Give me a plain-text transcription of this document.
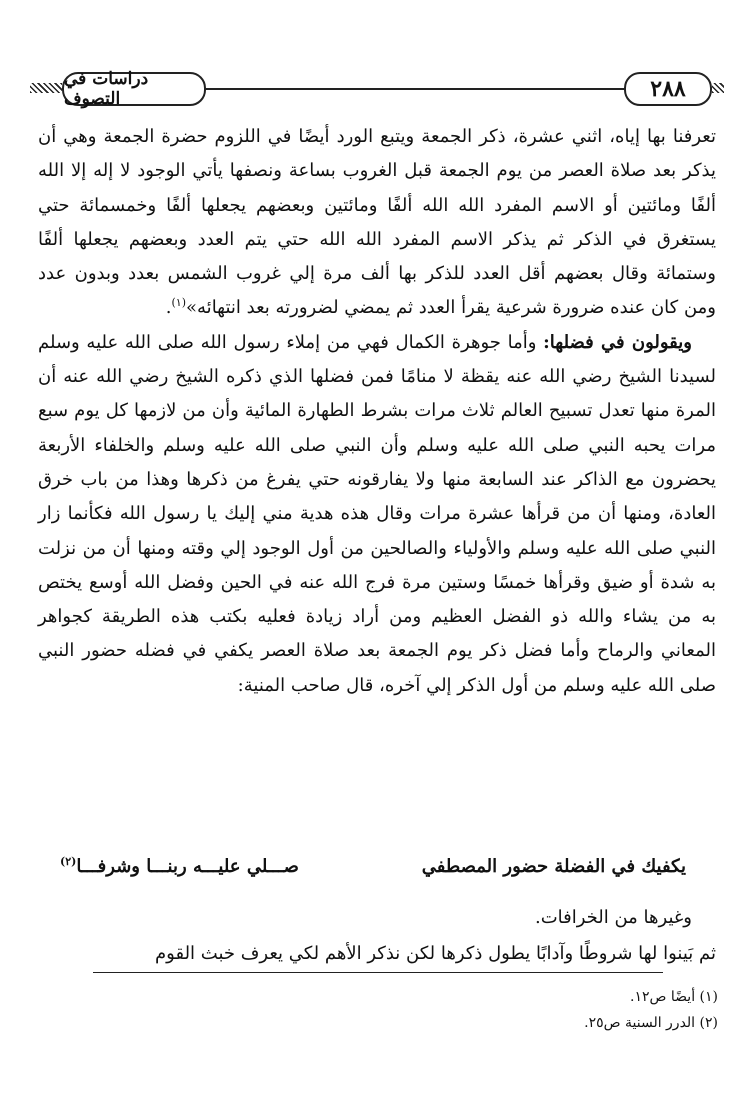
دراسات في التصوف	٢٨٨

تعرفنا بها إياه، اثني عشرة، ذكر الجمعة ويتبع الورد أيضًا في اللزوم حضرة الجمعة وهي أن يذكر بعد صلاة العصر من يوم الجمعة قبل الغروب بساعة ونصفها يأتي الوجود لا إله إلا الله ألفًا ومائتين أو الاسم المفرد الله الله ألفًا ومائتين وبعضهم يجعلها ألفًا وخمسمائة حتي يستغرق في الذكر ثم يذكر الاسم المفرد الله الله حتي يتم العدد وبعضهم يجعلها ألفًا وستمائة وقال بعضهم أقل العدد للذكر بها ألف مرة إلي غروب الشمس بعدد وبدون عدد ومن كان عنده ضرورة شرعية يقرأ العدد ثم يمضي لضرورته بعد انتهائه»$^{(١)}$.

ويقولون في فضلها: وأما جوهرة الكمال فهي من إملاء رسول الله صلى الله عليه وسلم لسيدنا الشيخ رضي الله عنه يقظة لا منامًا فمن فضلها الذي ذكره الشيخ رضي الله عنه أن المرة منها تعدل تسبيح العالم ثلاث مرات بشرط الطهارة المائية وأن من لازمها كل يوم سبع مرات يحبه النبي صلى الله عليه وسلم وأن النبي صلى الله عليه وسلم والخلفاء الأربعة يحضرون مع الذاكر عند السابعة منها ولا يفارقونه حتي يفرغ من ذكرها وهذا من باب خرق العادة، ومنها أن من قرأها عشرة مرات وقال هذه هدية مني إليك يا رسول الله فكأنما زار النبي صلى الله عليه وسلم والأولياء والصالحين من أول الوجود إلي وقته ومنها أن من نزلت به شدة أو ضيق وقرأها خمسًا وستين مرة فرج الله عنه في الحين وفضل الله أوسع يختص به من يشاء والله ذو الفضل العظيم ومن أراد زيادة فعليه بكتب هذه الطريقة كجواهر المعاني والرماح وأما فضل ذكر يوم الجمعة بعد صلاة العصر يكفي في فضله حضور النبي صلى الله عليه وسلم من أول الذكر إلي آخره، قال صاحب المنية:

يكفيك في الفضلة حضور المصطفي
صـــلي عليـــه ربنـــا وشرفـــا$^{(٢)}$
وغيرها من الخرافات.
ثم بَينوا لها شروطًا وآدابًا يطول ذكرها لكن نذكر الأهم لكي يعرف خبث القوم
(١) أيضًا ص١٢.
(٢) الدرر السنية ص٢٥.
